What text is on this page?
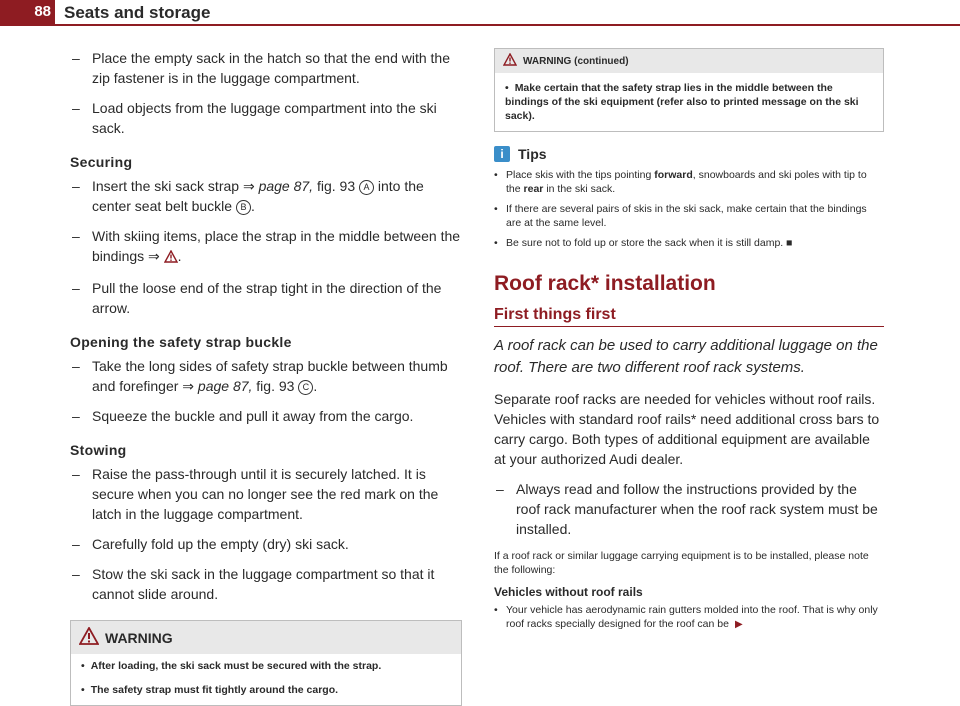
88 Seats and storage
– Place the empty sack in the hatch so that the end with the zip fastener is in the luggage compartment.
– Load objects from the luggage compartment into the ski sack.
Securing
– Insert the ski sack strap ⇒ page 87, fig. 93 A into the center seat belt buckle B .
– With skiing items, place the strap in the middle between the bindings ⇒ .
– Pull the loose end of the strap tight in the direction of the arrow.
Opening the safety strap buckle
– Take the long sides of safety strap buckle between thumb and forefinger ⇒ page 87, fig. 93 C .
– Squeeze the buckle and pull it away from the cargo.
Stowing
– Raise the pass-through until it is securely latched. It is secure when you can no longer see the red mark on the latch in the luggage compartment.
– Carefully fold up the empty (dry) ski sack.
– Stow the ski sack in the luggage compartment so that it cannot slide around.
WARNING
• After loading, the ski sack must be secured with the strap.
• The safety strap must fit tightly around the cargo.
WARNING (continued)
• Make certain that the safety strap lies in the middle between the bindings of the ski equipment (refer also to printed message on the ski sack).
i	Tips
• Place skis with the tips pointing forward, snowboards and ski poles with tip to the rear in the ski sack.
• If there are several pairs of skis in the ski sack, make certain that the bindings are at the same level.
• Be sure not to fold up or store the sack when it is still damp. ■
Roof rack* installation
First things first
A roof rack can be used to carry additional luggage on the roof. There are two different roof rack systems.
Separate roof racks are needed for vehicles without roof rails. Vehicles with standard roof rails* need additional cross bars to carry cargo. Both types of additional equipment are available at your authorized Audi dealer.
– Always read and follow the instructions provided by the roof rack manufacturer when the roof rack system must be installed.
If a roof rack or similar luggage carrying equipment is to be installed, please note the following:
Vehicles without roof rails
• Your vehicle has aerodynamic rain gutters molded into the roof. That is why only roof racks specially designed for the roof can be ▶
